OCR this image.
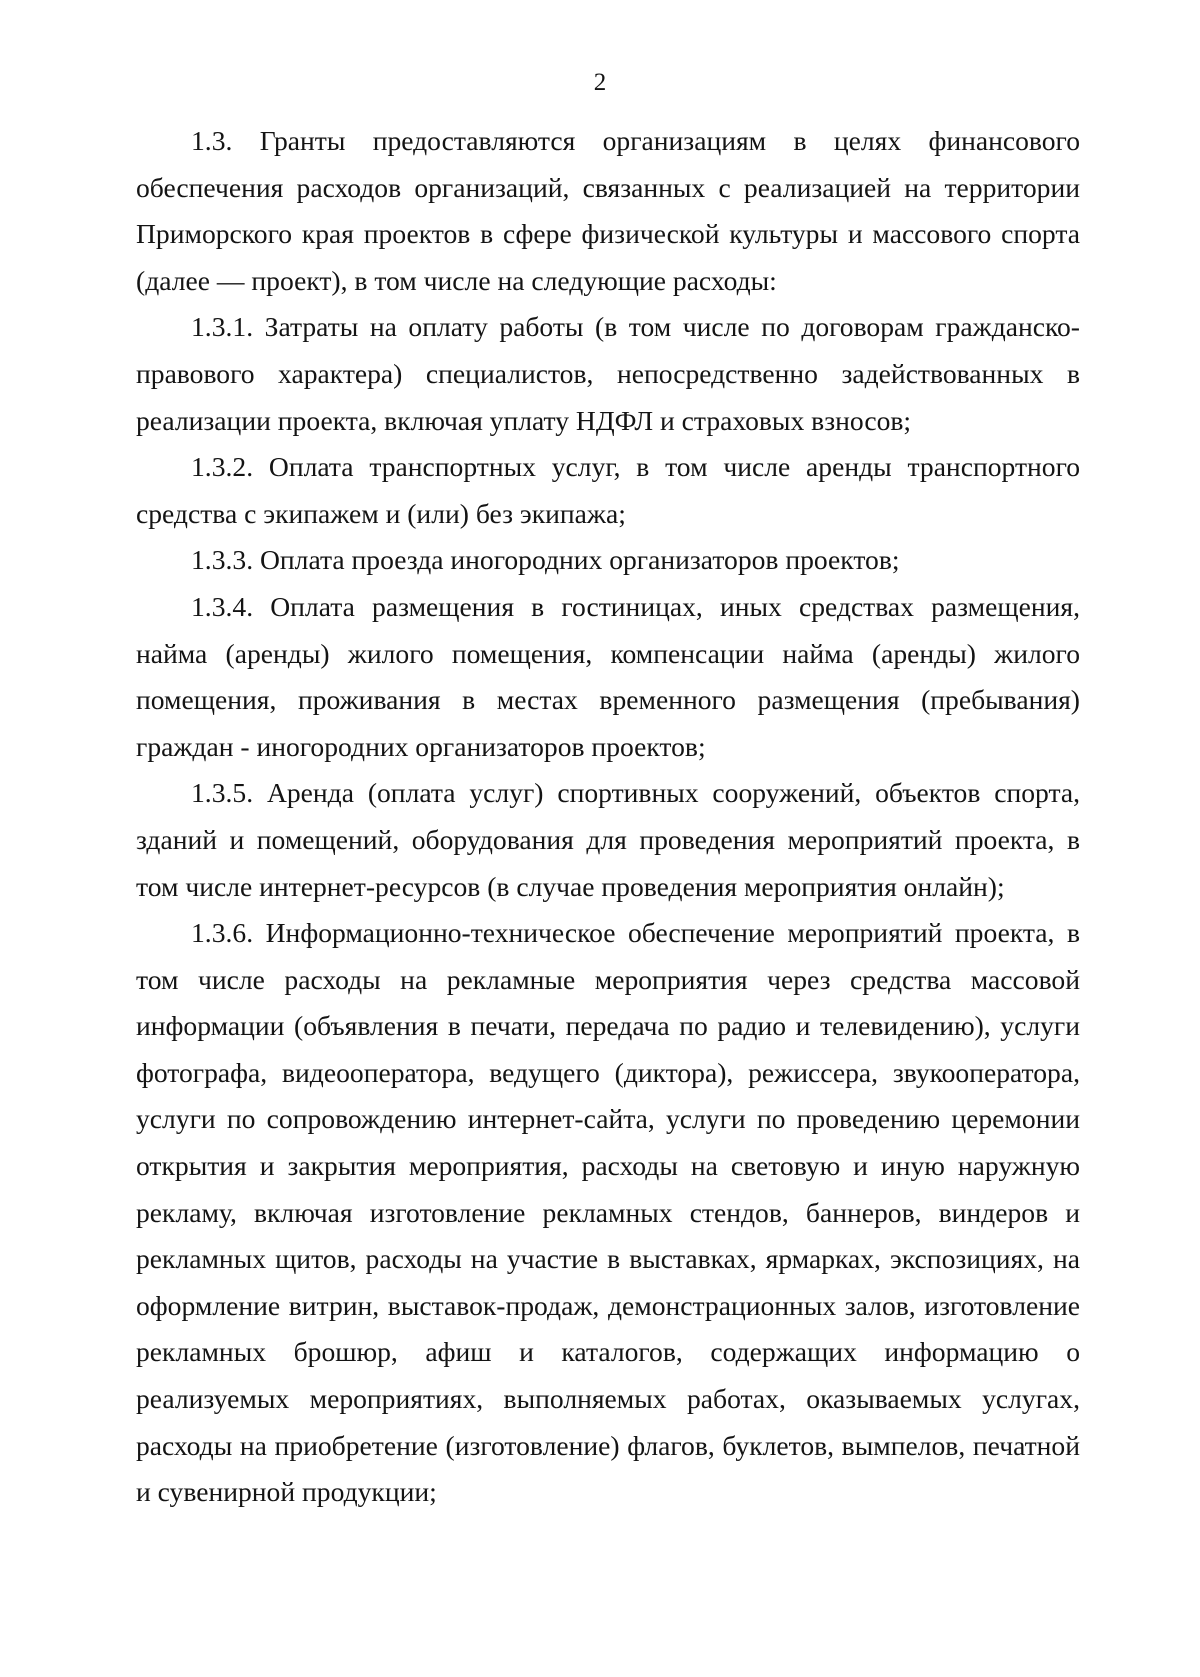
2

1.3. Гранты предоставляются организациям в целях финансового обеспечения расходов организаций, связанных с реализацией на территории Приморского края проектов в сфере физической культуры и массового спорта (далее — проект), в том числе на следующие расходы:

1.3.1. Затраты на оплату работы (в том числе по договорам гражданско-правового характера) специалистов, непосредственно задействованных в реализации проекта, включая уплату НДФЛ и страховых взносов;

1.3.2. Оплата транспортных услуг, в том числе аренды транспортного средства с экипажем и (или) без экипажа;

1.3.3. Оплата проезда иногородних организаторов проектов;

1.3.4. Оплата размещения в гостиницах, иных средствах размещения, найма (аренды) жилого помещения, компенсации найма (аренды) жилого помещения, проживания в местах временного размещения (пребывания) граждан - иногородних организаторов проектов;

1.3.5. Аренда (оплата услуг) спортивных сооружений, объектов спорта, зданий и помещений, оборудования для проведения мероприятий проекта, в том числе интернет-ресурсов (в случае проведения мероприятия онлайн);

1.3.6. Информационно-техническое обеспечение мероприятий проекта, в том числе расходы на рекламные мероприятия через средства массовой информации (объявления в печати, передача по радио и телевидению), услуги фотографа, видеооператора, ведущего (диктора), режиссера, звукооператора, услуги по сопровождению интернет-сайта, услуги по проведению церемонии открытия и закрытия мероприятия, расходы на световую и иную наружную рекламу, включая изготовление рекламных стендов, баннеров, виндеров и рекламных щитов, расходы на участие в выставках, ярмарках, экспозициях, на оформление витрин, выставок-продаж, демонстрационных залов, изготовление рекламных брошюр, афиш и каталогов, содержащих информацию о реализуемых мероприятиях, выполняемых работах, оказываемых услугах, расходы на приобретение (изготовление) флагов, буклетов, вымпелов, печатной и сувенирной продукции;
